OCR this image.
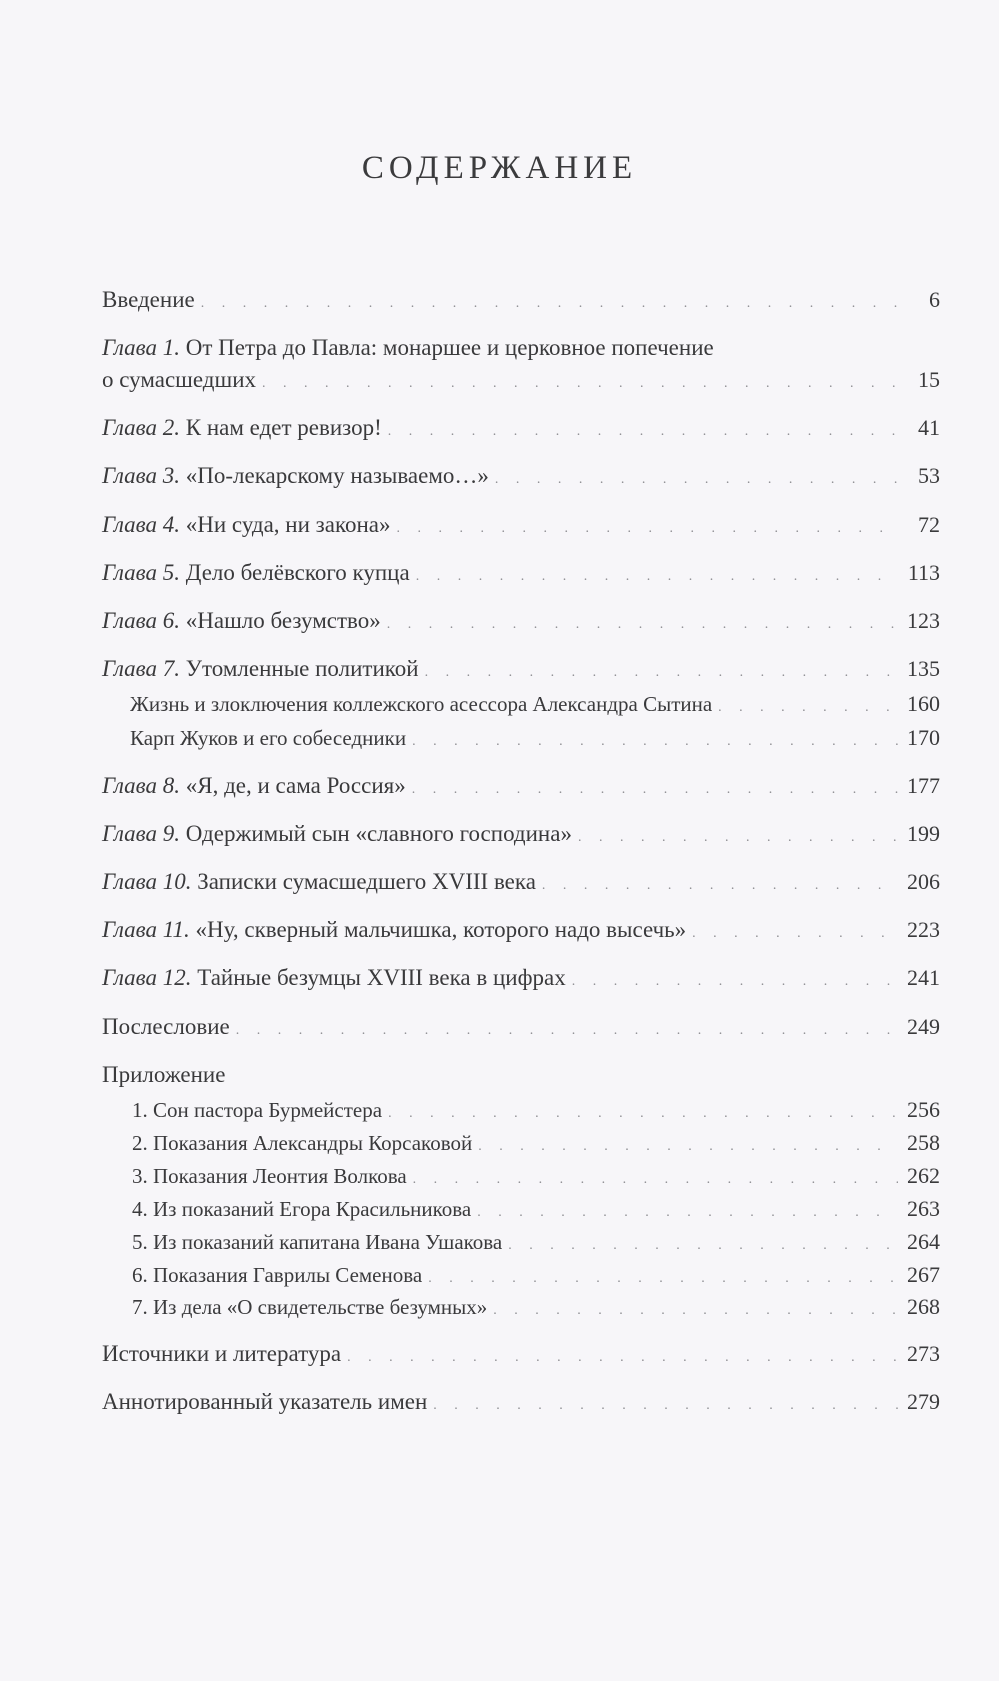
СОДЕРЖАНИЕ
Введение . . .	6
Глава 1. От Петра до Павла: монаршее и церковное попечение
о сумасшедших . . .	15
Глава 2. К нам едет ревизор! . . .	41
Глава 3. «По-лекарскому называемо…» . . .	53
Глава 4. «Ни суда, ни закона» . . .	72
Глава 5. Дело белёвского купца . . .	113
Глава 6. «Нашло безумство» . . .	123
Глава 7. Утомленные политикой . . .	135
Жизнь и злоключения коллежского асессора Александра Сытина . . .	160
Карп Жуков и его собеседники . . .	170
Глава 8. «Я, де, и сама Россия» . . .	177
Глава 9. Одержимый сын «славного господина» . . .	199
Глава 10. Записки сумасшедшего XVIII века . . .	206
Глава 11. «Ну, скверный мальчишка, которого надо высечь» . . .	223
Глава 12. Тайные безумцы XVIII века в цифрах . . .	241
Послесловие . . .	249
Приложение
1. Сон пастора Бурмейстера . . .	256
2. Показания Александры Корсаковой . . .	258
3. Показания Леонтия Волкова . . .	262
4. Из показаний Егора Красильникова . . .	263
5. Из показаний капитана Ивана Ушакова . . .	264
6. Показания Гаврилы Семенова . . .	267
7. Из дела «О свидетельстве безумных» . . .	268
Источники и литература . . .	273
Аннотированный указатель имен . . .	279
